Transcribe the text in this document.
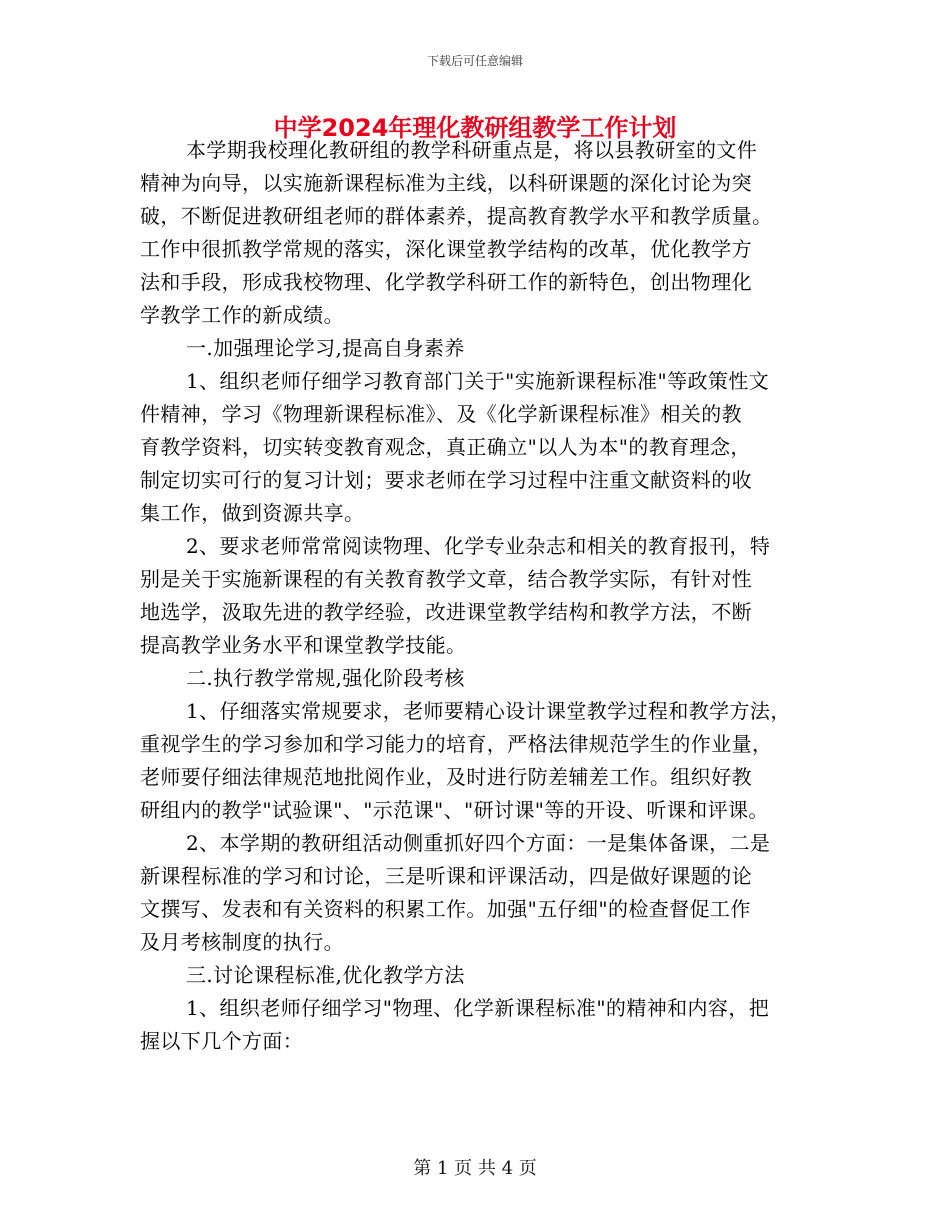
下载后可任意编辑
中学2024年理化教研组教学工作计划
本学期我校理化教研组的教学科研重点是，将以县教研室的文件
精神为向导，以实施新课程标准为主线，以科研课题的深化讨论为突
破，不断促进教研组老师的群体素养，提高教育教学水平和教学质量。
工作中很抓教学常规的落实，深化课堂教学结构的改革，优化教学方
法和手段，形成我校物理、化学教学科研工作的新特色，创出物理化
学教学工作的新成绩。
一.加强理论学习,提高自身素养
1、组织老师仔细学习教育部门关于"实施新课程标准"等政策性文
件精神，学习《物理新课程标准》、及《化学新课程标准》相关的教
育教学资料，切实转变教育观念，真正确立"以人为本"的教育理念，
制定切实可行的复习计划；要求老师在学习过程中注重文献资料的收
集工作，做到资源共享。
2、要求老师常常阅读物理、化学专业杂志和相关的教育报刊，特
别是关于实施新课程的有关教育教学文章，结合教学实际，有针对性
地选学，汲取先进的教学经验，改进课堂教学结构和教学方法，不断
提高教学业务水平和课堂教学技能。
二.执行教学常规,强化阶段考核
1、仔细落实常规要求，老师要精心设计课堂教学过程和教学方法，
重视学生的学习参加和学习能力的培育，严格法律规范学生的作业量，
老师要仔细法律规范地批阅作业，及时进行防差辅差工作。组织好教
研组内的教学"试验课"、"示范课"、"研讨课"等的开设、听课和评课。
2、本学期的教研组活动侧重抓好四个方面：一是集体备课，二是
新课程标准的学习和讨论，三是听课和评课活动，四是做好课题的论
文撰写、发表和有关资料的积累工作。加强"五仔细"的检查督促工作
及月考核制度的执行。
三.讨论课程标准,优化教学方法
1、组织老师仔细学习"物理、化学新课程标准"的精神和内容，把
握以下几个方面：
第 1 页 共 4 页
